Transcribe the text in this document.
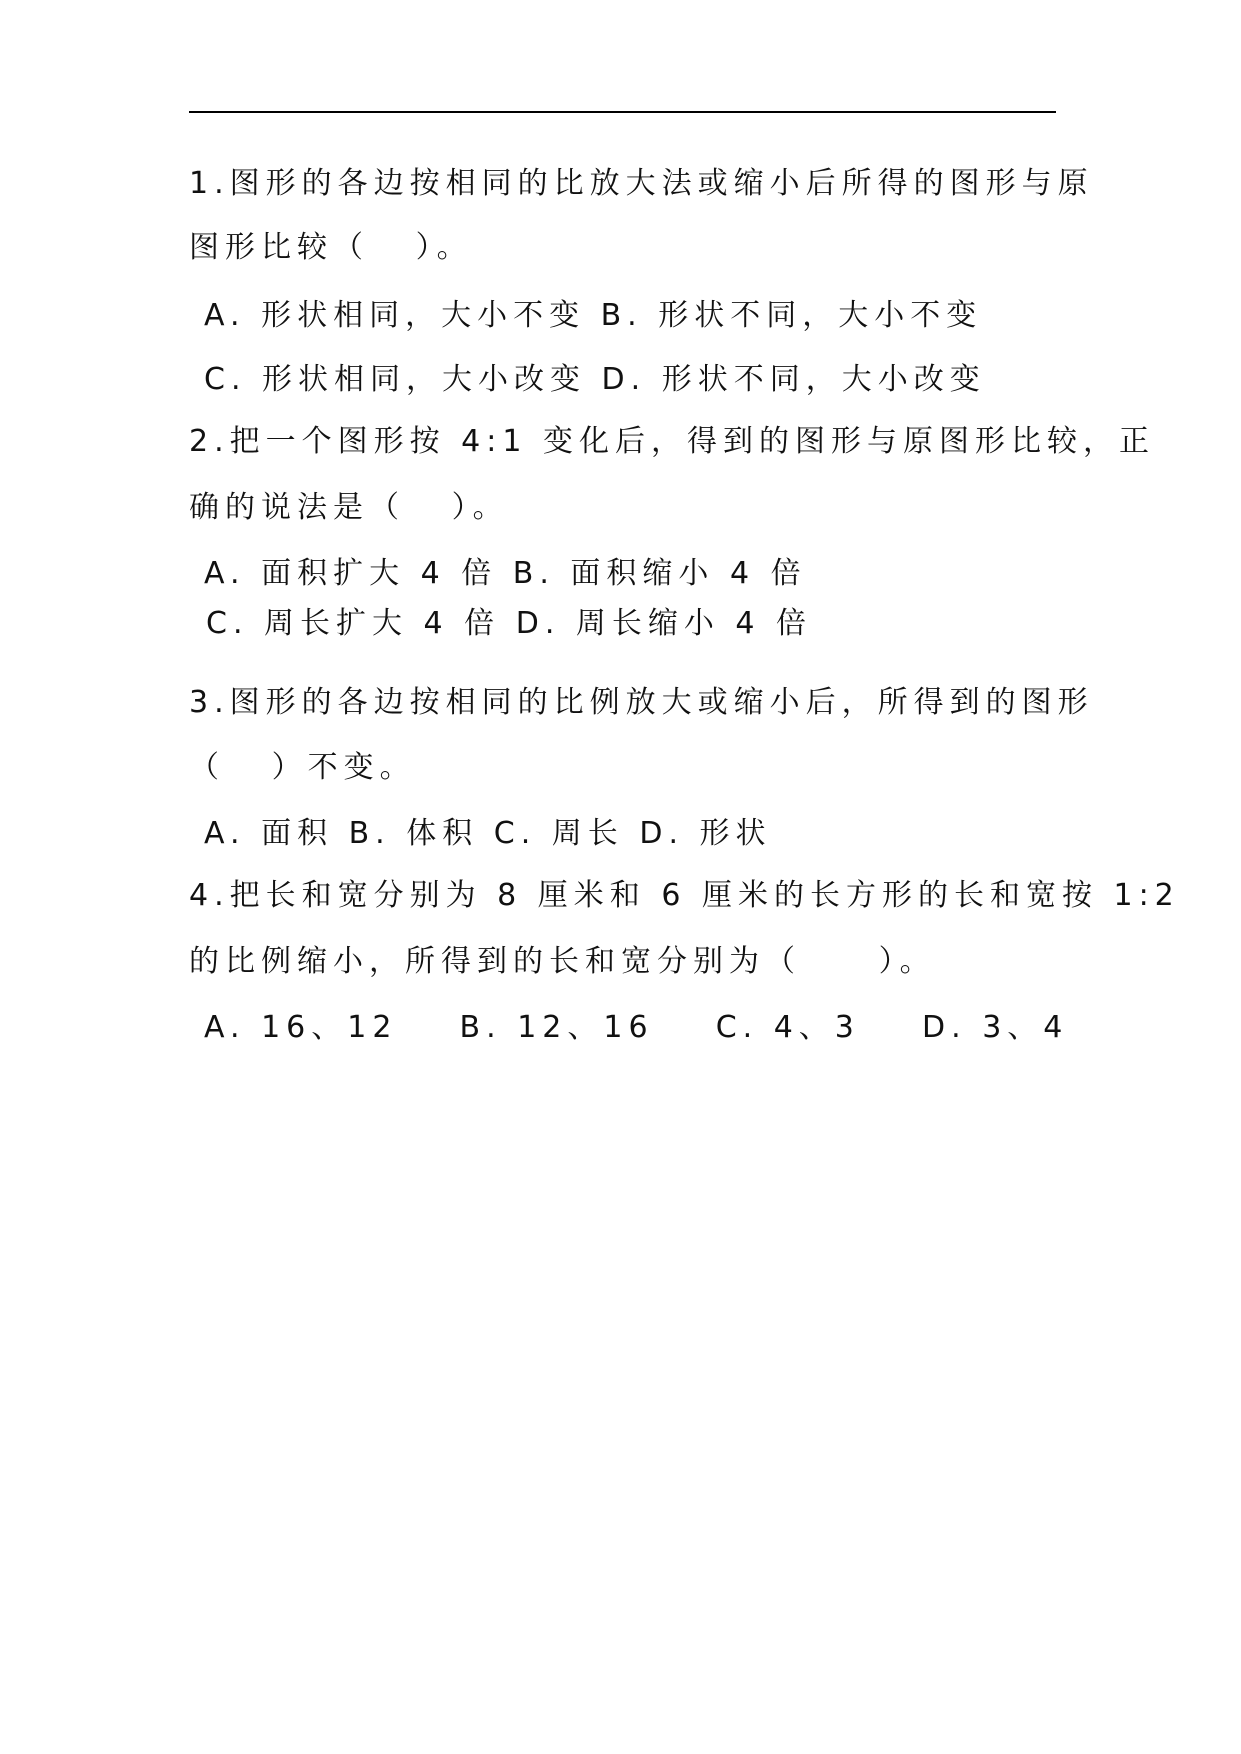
1.图形的各边按相同的比放大法或缩小后所得的图形与原
图形比较（   ）。
A. 形状相同，大小不变 B. 形状不同，大小不变
C. 形状相同，大小改变 D. 形状不同，大小改变
2.把一个图形按 4:1 变化后，得到的图形与原图形比较，正
确的说法是（   ）。
A. 面积扩大 4 倍 B. 面积缩小 4 倍
C. 周长扩大 4 倍 D. 周长缩小 4 倍
3.图形的各边按相同的比例放大或缩小后，所得到的图形
（   ）不变。
A. 面积 B. 体积 C. 周长 D. 形状
4.把长和宽分别为 8 厘米和 6 厘米的长方形的长和宽按 1:2
的比例缩小，所得到的长和宽分别为（     ）。
A. 16、12    B. 12、16    C. 4、3    D. 3、4
